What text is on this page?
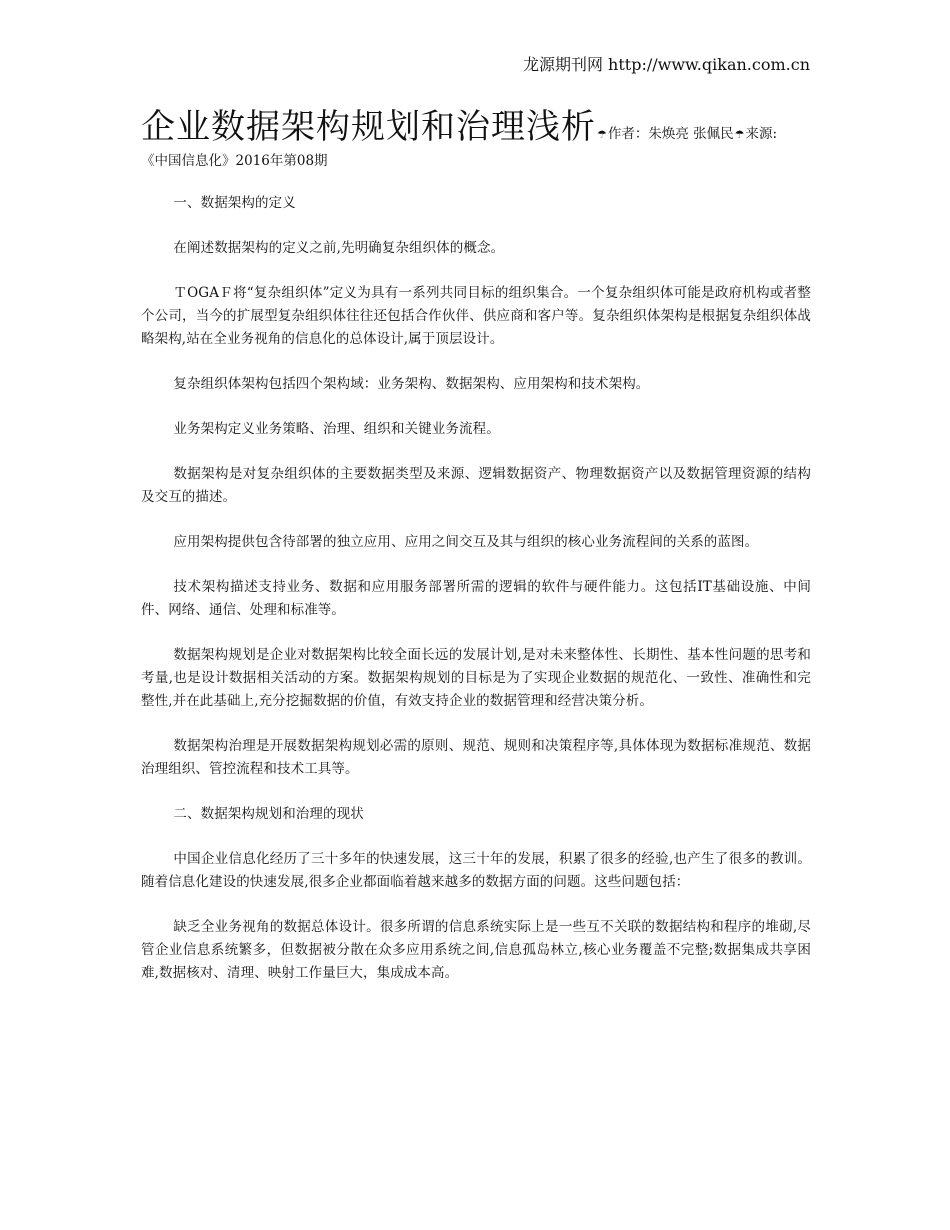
龙源期刊网 http://www.qikan.com.cn
企业数据架构规划和治理浅析☂作者：朱焕亮 张佩民☂来源:
《中国信息化》2016年第08期

一、数据架构的定义

在阐述数据架构的定义之前,先明确复杂组织体的概念。

ＴOGAＦ将“复杂组织体”定义为具有一系列共同目标的组织集合。一个复杂组织体可能是政府机构或者整个公司，当今的扩展型复杂组织体往往还包括合作伙伴、供应商和客户等。复杂组织体架构是根据复杂组织体战略架构,站在全业务视角的信息化的总体设计,属于顶层设计。

复杂组织体架构包括四个架构域：业务架构、数据架构、应用架构和技术架构。

业务架构定义业务策略、治理、组织和关键业务流程。

数据架构是对复杂组织体的主要数据类型及来源、逻辑数据资产、物理数据资产以及数据管理资源的结构及交互的描述。

应用架构提供包含待部署的独立应用、应用之间交互及其与组织的核心业务流程间的关系的蓝图。

技术架构描述支持业务、数据和应用服务部署所需的逻辑的软件与硬件能力。这包括IT基础设施、中间件、网络、通信、处理和标准等。

数据架构规划是企业对数据架构比较全面长远的发展计划,是对未来整体性、长期性、基本性问题的思考和考量,也是设计数据相关活动的方案。数据架构规划的目标是为了实现企业数据的规范化、一致性、准确性和完整性,并在此基础上,充分挖掘数据的价值，有效支持企业的数据管理和经营决策分析。

数据架构治理是开展数据架构规划必需的原则、规范、规则和决策程序等,具体体现为数据标准规范、数据治理组织、管控流程和技术工具等。

二、数据架构规划和治理的现状

中国企业信息化经历了三十多年的快速发展，这三十年的发展，积累了很多的经验,也产生了很多的教训。随着信息化建设的快速发展,很多企业都面临着越来越多的数据方面的问题。这些问题包括：

缺乏全业务视角的数据总体设计。很多所谓的信息系统实际上是一些互不关联的数据结构和程序的堆砌,尽管企业信息系统繁多，但数据被分散在众多应用系统之间,信息孤岛林立,核心业务覆盖不完整;数据集成共享困难,数据核对、清理、映射工作量巨大，集成成本高。
